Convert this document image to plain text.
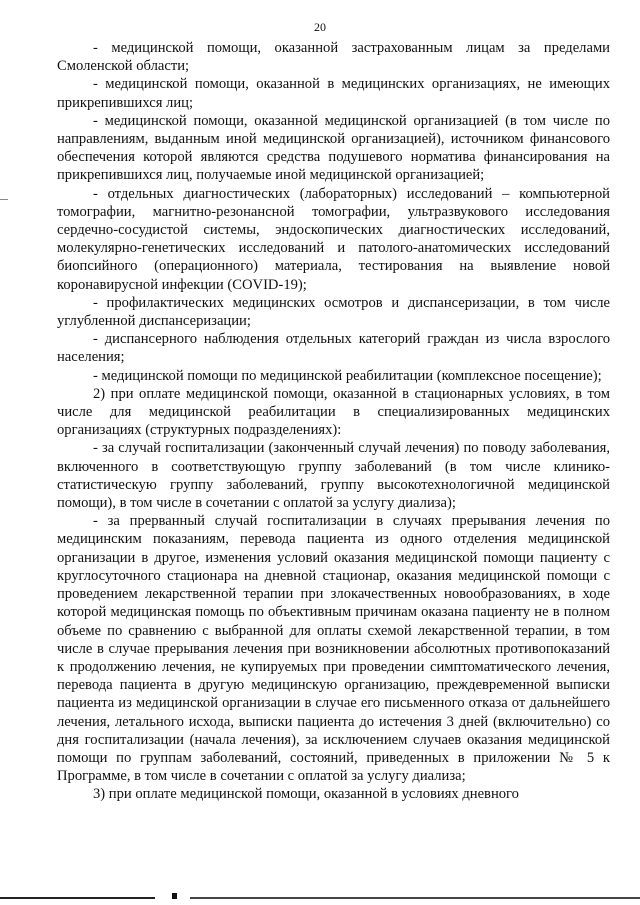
20

- медицинской помощи, оказанной застрахованным лицам за пределами Смоленской области;

- медицинской помощи, оказанной в медицинских организациях, не имеющих прикрепившихся лиц;

- медицинской помощи, оказанной медицинской организацией (в том числе по направлениям, выданным иной медицинской организацией), источником финансового обеспечения которой являются средства подушевого норматива финансирования на прикрепившихся лиц, получаемые иной медицинской организацией;

- отдельных диагностических (лабораторных) исследований – компьютерной томографии, магнитно-резонансной томографии, ультразвукового исследования сердечно-сосудистой системы, эндоскопических диагностических исследований, молекулярно-генетических исследований и патолого-анатомических исследований биопсийного (операционного) материала, тестирования на выявление новой коронавирусной инфекции (COVID-19);

- профилактических медицинских осмотров и диспансеризации, в том числе углубленной диспансеризации;

- диспансерного наблюдения отдельных категорий граждан из числа взрослого населения;

- медицинской помощи по медицинской реабилитации (комплексное посещение);

2) при оплате медицинской помощи, оказанной в стационарных условиях, в том числе для медицинской реабилитации в специализированных медицинских организациях (структурных подразделениях):

- за случай госпитализации (законченный случай лечения) по поводу заболевания, включенного в соответствующую группу заболеваний (в том числе клинико-статистическую группу заболеваний, группу высокотехнологичной медицинской помощи), в том числе в сочетании с оплатой за услугу диализа);

- за прерванный случай госпитализации в случаях прерывания лечения по медицинским показаниям, перевода пациента из одного отделения медицинской организации в другое, изменения условий оказания медицинской помощи пациенту с круглосуточного стационара на дневной стационар, оказания медицинской помощи с проведением лекарственной терапии при злокачественных новообразованиях, в ходе которой медицинская помощь по объективным причинам оказана пациенту не в полном объеме по сравнению с выбранной для оплаты схемой лекарственной терапии, в том числе в случае прерывания лечения при возникновении абсолютных противопоказаний к продолжению лечения, не купируемых при проведении симптоматического лечения, перевода пациента в другую медицинскую организацию, преждевременной выписки пациента из медицинской организации в случае его письменного отказа от дальнейшего лечения, летального исхода, выписки пациента до истечения 3 дней (включительно) со дня госпитализации (начала лечения), за исключением случаев оказания медицинской помощи по группам заболеваний, состояний, приведенных в приложении № 5 к Программе, в том числе в сочетании с оплатой за услугу диализа;

3) при оплате медицинской помощи, оказанной в условиях дневного
